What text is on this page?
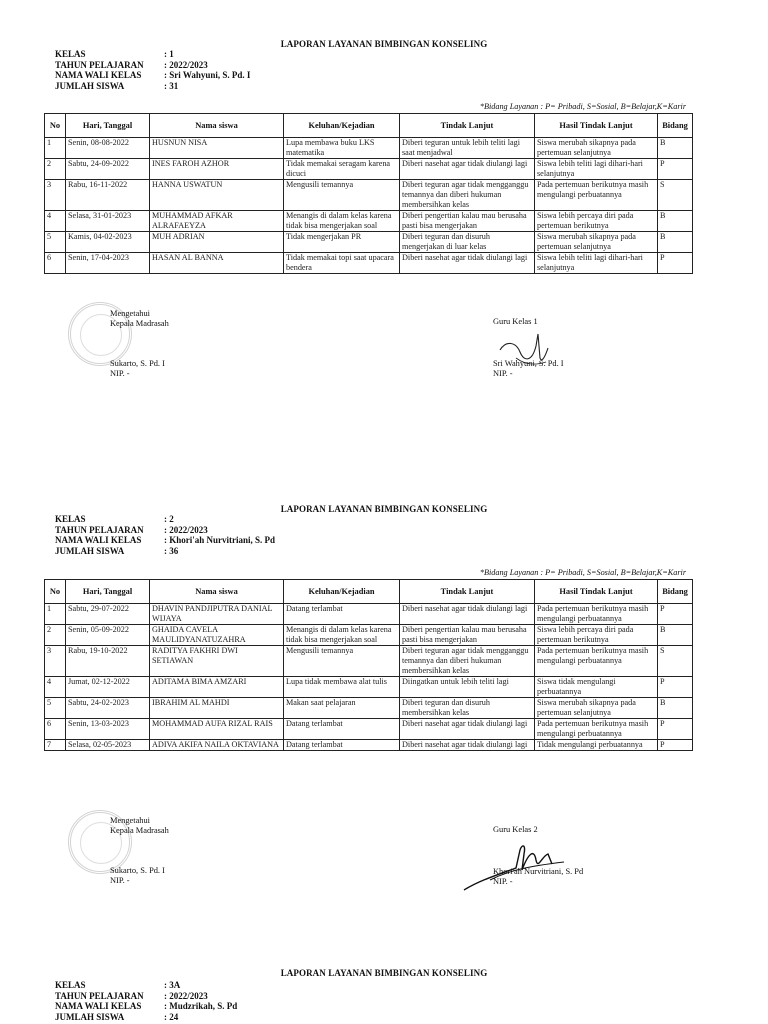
LAPORAN LAYANAN BIMBINGAN KONSELING
KELAS	: 1
TAHUN PELAJARAN	: 2022/2023
NAMA WALI KELAS	: Sri Wahyuni, S. Pd. I
JUMLAH SISWA	: 31
*Bidang Layanan : P= Pribadi, S=Sosial, B=Belajar,K=Karir
No	Hari, Tanggal	Nama siswa	Keluhan/Kejadian	Tindak Lanjut	Hasil Tindak Lanjut	Bidang
1	Senin, 08-08-2022	HUSNUN NISA	Lupa membawa buku LKS matematika	Diberi teguran untuk lebih teliti lagi saat menjadwal	Siswa merubah sikapnya pada pertemuan selanjutnya	B
2	Sabtu, 24-09-2022	INES FAROH AZHOR	Tidak memakai seragam karena dicuci	Diberi nasehat agar tidak diulangi lagi	Siswa lebih teliti lagi dihari-hari selanjutnya	P
3	Rabu, 16-11-2022	HANNA USWATUN	Mengusili temannya	Diberi teguran agar tidak mengganggu temannya dan diberi hukuman membersihkan kelas	Pada pertemuan berikutnya masih mengulangi perbuatannya	S
4	Selasa, 31-01-2023	MUHAMMAD AFKAR ALRAFAEYZA	Menangis di dalam kelas karena tidak bisa mengerjakan soal	Diberi pengertian kalau mau berusaha pasti bisa mengerjakan	Siswa lebih percaya diri pada pertemuan berikutnya	B
5	Kamis, 04-02-2023	MUH ADRIAN	Tidak mengerjakan PR	Diberi teguran dan disuruh mengerjakan di luar kelas	Siswa merubah sikapnya pada pertemuan selanjutnya	B
6	Senin, 17-04-2023	HASAN AL BANNA	Tidak memakai topi saat upacara bendera	Diberi nasehat agar tidak diulangi lagi	Siswa lebih teliti lagi dihari-hari selanjutnya	P
Mengetahui
Kepala Madrasah
Sukarto, S. Pd. I
NIP. -
Guru Kelas 1
Sri Wahyuni, S. Pd. I
NIP. -
LAPORAN LAYANAN BIMBINGAN KONSELING
KELAS	: 2
TAHUN PELAJARAN	: 2022/2023
NAMA WALI KELAS	: Khori'ah Nurvitriani, S. Pd
JUMLAH SISWA	: 36
*Bidang Layanan : P= Pribadi, S=Sosial, B=Belajar,K=Karir
No	Hari, Tanggal	Nama siswa	Keluhan/Kejadian	Tindak Lanjut	Hasil Tindak Lanjut	Bidang
1	Sabtu, 29-07-2022	DHAVIN PANDJIPUTRA DANIAL WIJAYA	Datang terlambat	Diberi nasehat agar tidak diulangi lagi	Pada pertemuan berikutnya masih mengulangi perbuatannya	P
2	Senin, 05-09-2022	GHAIDA CAVELA MAULIDYANATUZAHRA	Menangis di dalam kelas karena tidak bisa mengerjakan soal	Diberi pengertian kalau mau berusaha pasti bisa mengerjakan	Siswa lebih percaya diri pada pertemuan berikutnya	B
3	Rabu, 19-10-2022	RADITYA FAKHRI DWI SETIAWAN	Mengusili temannya	Diberi teguran agar tidak mengganggu temannya dan diberi hukuman membersihkan kelas	Pada pertemuan berikutnya masih mengulangi perbuatannya	S
4	Jumat, 02-12-2022	ADITAMA BIMA AMZARI	Lupa tidak membawa alat tulis	Diingatkan untuk lebih teliti lagi	Siswa tidak mengulangi perbuatannya	P
5	Sabtu, 24-02-2023	IBRAHIM AL MAHDI	Makan saat pelajaran	Diberi teguran dan disuruh membersihkan kelas	Siswa merubah sikapnya pada pertemuan selanjutnya	B
6	Senin, 13-03-2023	MOHAMMAD AUFA RIZAL RAIS	Datang terlambat	Diberi nasehat agar tidak diulangi lagi	Pada pertemuan berikutnya masih mengulangi perbuatannya	P
7	Selasa, 02-05-2023	ADIVA AKIFA NAILA OKTAVIANA	Datang terlambat	Diberi nasehat agar tidak diulangi lagi	Tidak mengulangi perbuatannya	P
Mengetahui
Kepala Madrasah
Sukarto, S. Pd. I
NIP. -
Guru Kelas 2
Khori'ah Nurvitriani, S. Pd
NIP. -
LAPORAN LAYANAN BIMBINGAN KONSELING
KELAS	: 3A
TAHUN PELAJARAN	: 2022/2023
NAMA WALI KELAS	: Mudzrikah, S. Pd
JUMLAH SISWA	: 24
